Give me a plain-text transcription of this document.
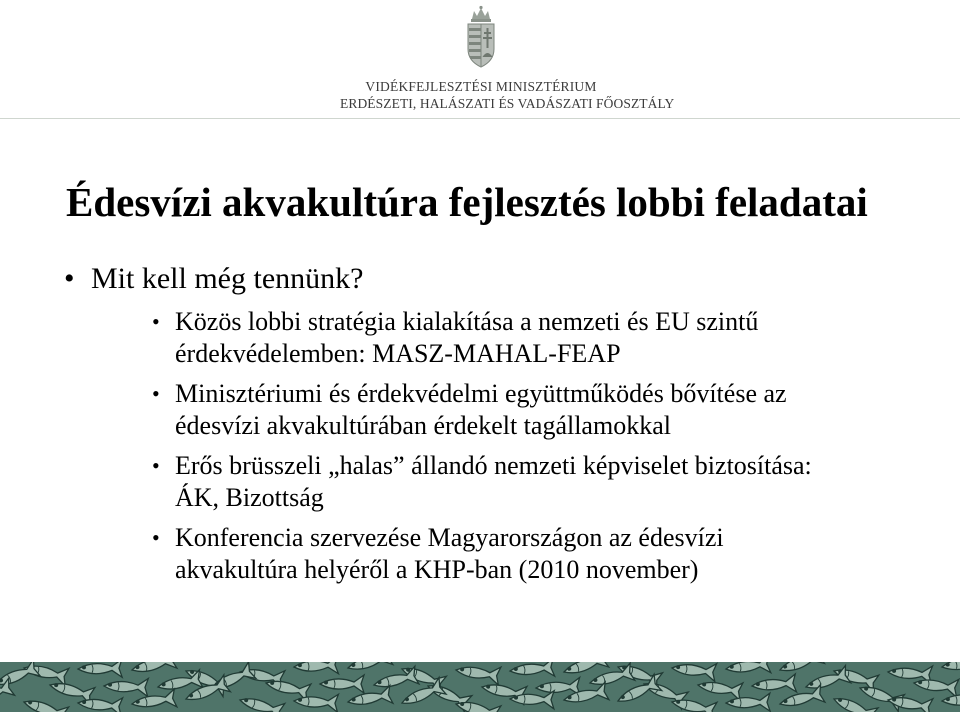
VIDÉKFEJLESZTÉSI MINISZTÉRIUM
ERDÉSZETI, HALÁSZATI ÉS VADÁSZATI FŐOSZTÁLY
Édesvízi akvakultúra fejlesztés lobbi feladatai
• Mit kell még tennünk?
• Közös lobbi stratégia kialakítása a nemzeti és EU szintű
érdekvédelemben: MASZ-MAHAL-FEAP
• Minisztériumi és érdekvédelmi együttműködés bővítése az
édesvízi akvakultúrában érdekelt tagállamokkal
• Erős brüsszeli „halas” állandó nemzeti képviselet biztosítása:
ÁK, Bizottság
• Konferencia szervezése Magyarországon az édesvízi
akvakultúra helyéről a KHP-ban (2010 november)
